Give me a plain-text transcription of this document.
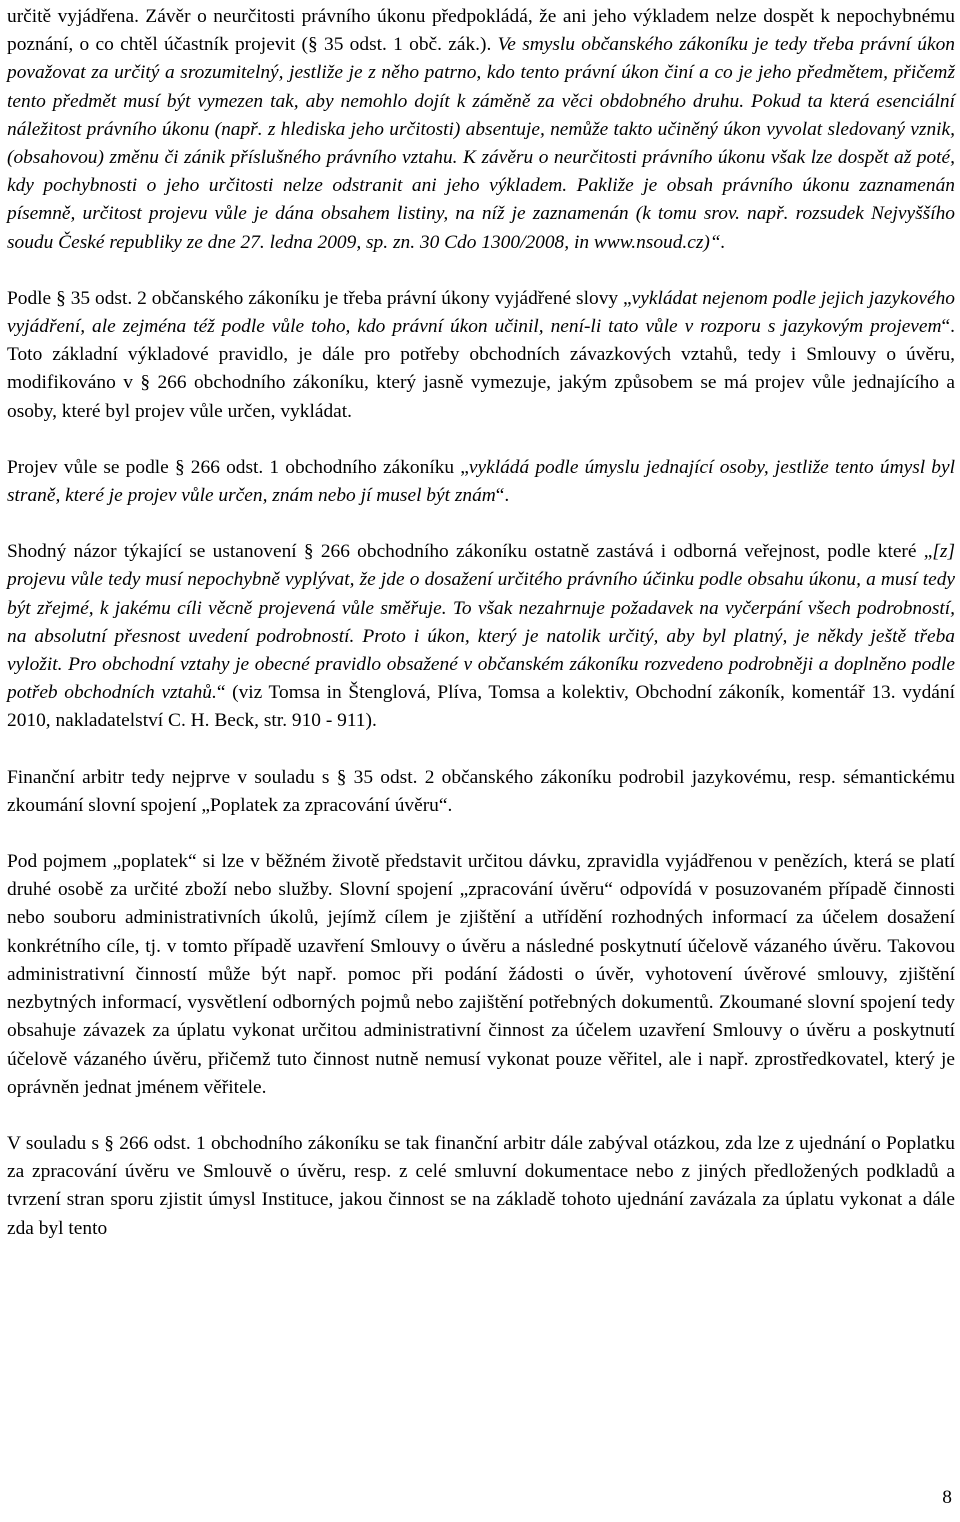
určitě vyjádřena. Závěr o neurčitosti právního úkonu předpokládá, že ani jeho výkladem nelze dospět k nepochybnému poznání, o co chtěl účastník projevit (§ 35 odst. 1 obč. zák.). Ve smyslu občanského zákoníku je tedy třeba právní úkon považovat za určitý a srozumitelný, jestliže je z něho patrno, kdo tento právní úkon činí a co je jeho předmětem, přičemž tento předmět musí být vymezen tak, aby nemohlo dojít k záměně za věci obdobného druhu. Pokud ta která esenciální náležitost právního úkonu (např. z hlediska jeho určitosti) absentuje, nemůže takto učiněný úkon vyvolat sledovaný vznik, (obsahovou) změnu či zánik příslušného právního vztahu. K závěru o neurčitosti právního úkonu však lze dospět až poté, kdy pochybnosti o jeho určitosti nelze odstranit ani jeho výkladem. Pakliže je obsah právního úkonu zaznamenán písemně, určitost projevu vůle je dána obsahem listiny, na níž je zaznamenán (k tomu srov. např. rozsudek Nejvyššího soudu České republiky ze dne 27. ledna 2009, sp. zn. 30 Cdo 1300/2008, in www.nsoud.cz)“.

Podle § 35 odst. 2 občanského zákoníku je třeba právní úkony vyjádřené slovy „vykládat nejenom podle jejich jazykového vyjádření, ale zejména též podle vůle toho, kdo právní úkon učinil, není-li tato vůle v rozporu s jazykovým projevem“. Toto základní výkladové pravidlo, je dále pro potřeby obchodních závazkových vztahů, tedy i Smlouvy o úvěru, modifikováno v § 266 obchodního zákoníku, který jasně vymezuje, jakým způsobem se má projev vůle jednajícího a osoby, které byl projev vůle určen, vykládat.

Projev vůle se podle § 266 odst. 1 obchodního zákoníku „vykládá podle úmyslu jednající osoby, jestliže tento úmysl byl straně, které je projev vůle určen, znám nebo jí musel být znám“.

Shodný názor týkající se ustanovení § 266 obchodního zákoníku ostatně zastává i odborná veřejnost, podle které „[z] projevu vůle tedy musí nepochybně vyplývat, že jde o dosažení určitého právního účinku podle obsahu úkonu, a musí tedy být zřejmé, k jakému cíli věcně projevená vůle směřuje. To však nezahrnuje požadavek na vyčerpání všech podrobností, na absolutní přesnost uvedení podrobností. Proto i úkon, který je natolik určitý, aby byl platný, je někdy ještě třeba vyložit. Pro obchodní vztahy je obecné pravidlo obsažené v občanském zákoníku rozvedeno podrobněji a doplněno podle potřeb obchodních vztahů.“ (viz Tomsa in Štenglová, Plíva, Tomsa a kolektiv, Obchodní zákoník, komentář 13. vydání 2010, nakladatelství C. H. Beck, str. 910 - 911).

Finanční arbitr tedy nejprve v souladu s § 35 odst. 2 občanského zákoníku podrobil jazykovému, resp. sémantickému zkoumání slovní spojení „Poplatek za zpracování úvěru“.

Pod pojmem „poplatek“ si lze v běžném životě představit určitou dávku, zpravidla vyjádřenou v penězích, která se platí druhé osobě za určité zboží nebo služby. Slovní spojení „zpracování úvěru“ odpovídá v posuzovaném případě činnosti nebo souboru administrativních úkolů, jejímž cílem je zjištění a utřídění rozhodných informací za účelem dosažení konkrétního cíle, tj. v tomto případě uzavření Smlouvy o úvěru a následné poskytnutí účelově vázaného úvěru. Takovou administrativní činností může být např. pomoc při podání žádosti o úvěr, vyhotovení úvěrové smlouvy, zjištění nezbytných informací, vysvětlení odborných pojmů nebo zajištění potřebných dokumentů. Zkoumané slovní spojení tedy obsahuje závazek za úplatu vykonat určitou administrativní činnost za účelem uzavření Smlouvy o úvěru a poskytnutí účelově vázaného úvěru, přičemž tuto činnost nutně nemusí vykonat pouze věřitel, ale i např. zprostředkovatel, který je oprávněn jednat jménem věřitele.

V souladu s § 266 odst. 1 obchodního zákoníku se tak finanční arbitr dále zabýval otázkou, zda lze z ujednání o Poplatku za zpracování úvěru ve Smlouvě o úvěru, resp. z celé smluvní dokumentace nebo z jiných předložených podkladů a tvrzení stran sporu zjistit úmysl Instituce, jakou činnost se na základě tohoto ujednání zavázala za úplatu vykonat a dále zda byl tento

8
